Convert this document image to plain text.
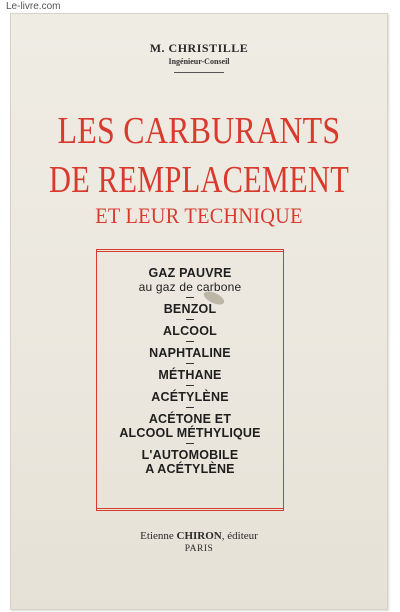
Le-livre.com
M. CHRISTILLE
Ingénieur-Conseil
LES CARBURANTS
DE REMPLACEMENT
ET LEUR TECHNIQUE
GAZ PAUVRE
au gaz de carbone
BENZOL
ALCOOL
NAPHTALINE
MÉTHANE
ACÉTYLÈNE
ACÉTONE ET
ALCOOL MÉTHYLIQUE
L'AUTOMOBILE
A ACÉTYLÈNE
Etienne CHIRON, éditeur
PARIS
